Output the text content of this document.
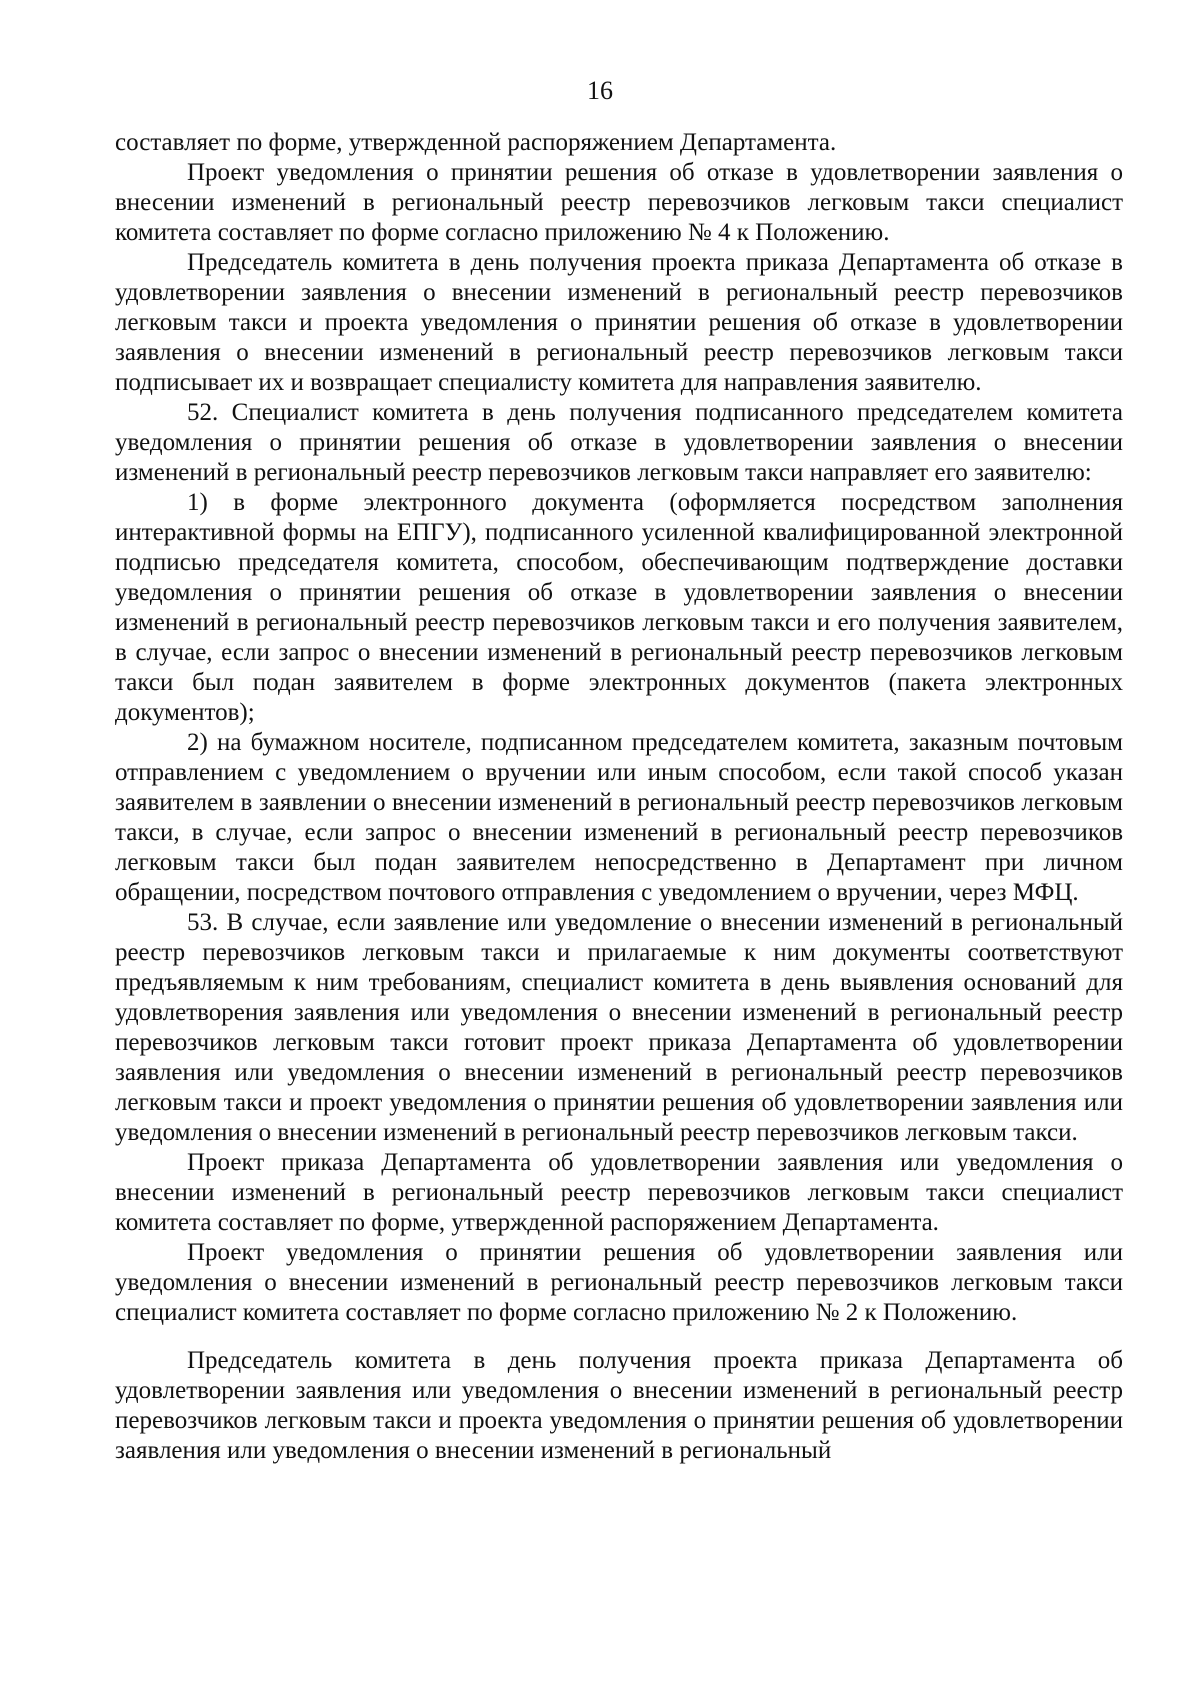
16

составляет по форме, утвержденной распоряжением Департамента.

Проект уведомления о принятии решения об отказе в удовлетворении заявления о внесении изменений в региональный реестр перевозчиков легковым такси специалист комитета составляет по форме согласно приложению № 4 к Положению.

Председатель комитета в день получения проекта приказа Департамента об отказе в удовлетворении заявления о внесении изменений в региональный реестр перевозчиков легковым такси и проекта уведомления о принятии решения об отказе в удовлетворении заявления о внесении изменений в региональный реестр перевозчиков легковым такси подписывает их и возвращает специалисту комитета для направления заявителю.

52. Специалист комитета в день получения подписанного председателем комитета уведомления о принятии решения об отказе в удовлетворении заявления о внесении изменений в региональный реестр перевозчиков легковым такси направляет его заявителю:

1) в форме электронного документа (оформляется посредством заполнения интерактивной формы на ЕПГУ), подписанного усиленной квалифицированной электронной подписью председателя комитета, способом, обеспечивающим подтверждение доставки уведомления о принятии решения об отказе в удовлетворении заявления о внесении изменений в региональный реестр перевозчиков легковым такси и его получения заявителем, в случае, если запрос о внесении изменений в региональный реестр перевозчиков легковым такси был подан заявителем в форме электронных документов (пакета электронных документов);

2) на бумажном носителе, подписанном председателем комитета, заказным почтовым отправлением с уведомлением о вручении или иным способом, если такой способ указан заявителем в заявлении о внесении изменений в региональный реестр перевозчиков легковым такси, в случае, если запрос о внесении изменений в региональный реестр перевозчиков легковым такси был подан заявителем непосредственно в Департамент при личном обращении, посредством почтового отправления с уведомлением о вручении, через МФЦ.

53. В случае, если заявление или уведомление о внесении изменений в региональный реестр перевозчиков легковым такси и прилагаемые к ним документы соответствуют предъявляемым к ним требованиям, специалист комитета в день выявления оснований для удовлетворения заявления или уведомления о внесении изменений в региональный реестр перевозчиков легковым такси готовит проект приказа Департамента об удовлетворении заявления или уведомления о внесении изменений в региональный реестр перевозчиков легковым такси и проект уведомления о принятии решения об удовлетворении заявления или уведомления о внесении изменений в региональный реестр перевозчиков легковым такси.

Проект приказа Департамента об удовлетворении заявления или уведомления о внесении изменений в региональный реестр перевозчиков легковым такси специалист комитета составляет по форме, утвержденной распоряжением Департамента.

Проект уведомления о принятии решения об удовлетворении заявления или уведомления о внесении изменений в региональный реестр перевозчиков легковым такси специалист комитета составляет по форме согласно приложению № 2 к Положению.

Председатель комитета в день получения проекта приказа Департамента об удовлетворении заявления или уведомления о внесении изменений в региональный реестр перевозчиков легковым такси и проекта уведомления о принятии решения об удовлетворении заявления или уведомления о внесении изменений в региональный
